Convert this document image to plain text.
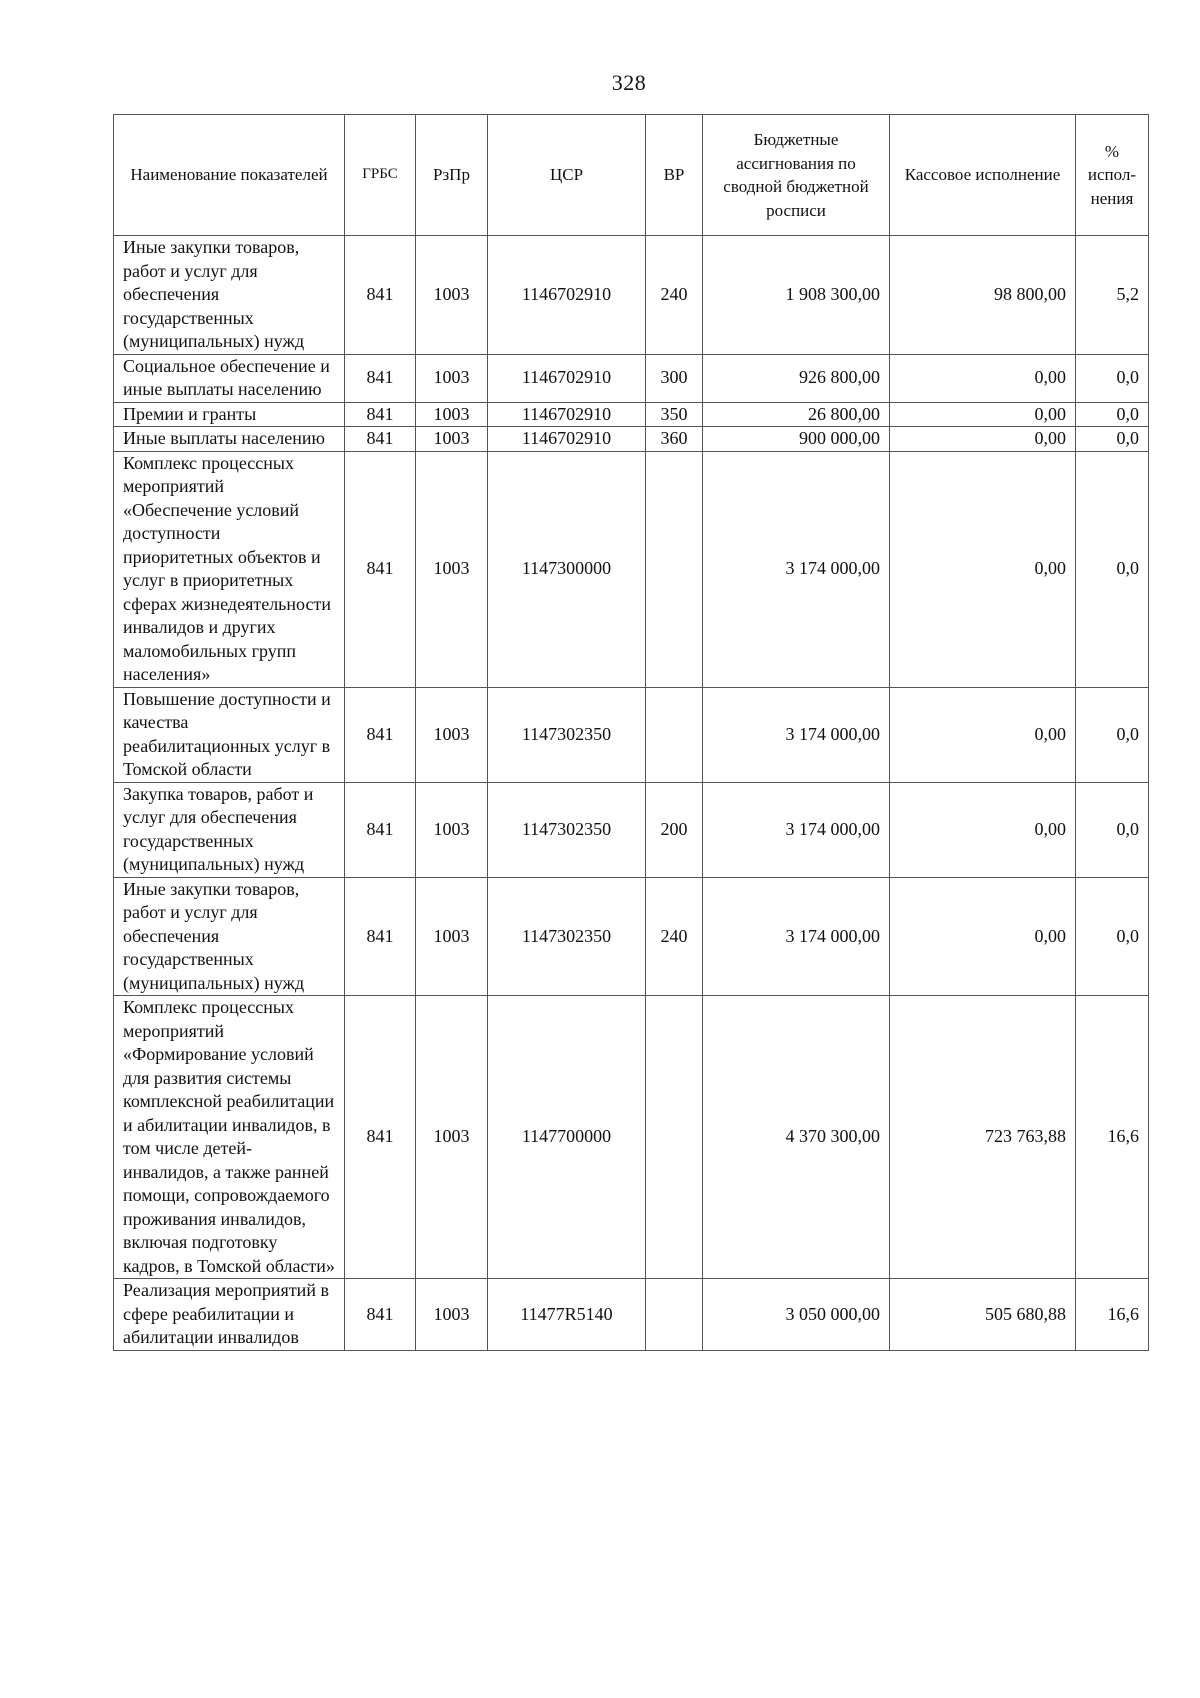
328
Наименование показателей	ГРБС	РзПр	ЦСР	ВР	Бюджетные ассигнования по сводной бюджетной росписи	Кассовое исполнение	% испол-нения
Иные закупки товаров, работ и услуг для обеспечения государственных (муниципальных) нужд	841	1003	1146702910	240	1 908 300,00	98 800,00	5,2
Социальное обеспечение и иные выплаты населению	841	1003	1146702910	300	926 800,00	0,00	0,0
Премии и гранты	841	1003	1146702910	350	26 800,00	0,00	0,0
Иные выплаты населению	841	1003	1146702910	360	900 000,00	0,00	0,0
Комплекс процессных мероприятий «Обеспечение условий доступности приоритетных объектов и услуг в приоритетных сферах жизнедеятельности инвалидов и других маломобильных групп населения»	841	1003	1147300000		3 174 000,00	0,00	0,0
Повышение доступности и качества реабилитационных услуг в Томской области	841	1003	1147302350		3 174 000,00	0,00	0,0
Закупка товаров, работ и услуг для обеспечения государственных (муниципальных) нужд	841	1003	1147302350	200	3 174 000,00	0,00	0,0
Иные закупки товаров, работ и услуг для обеспечения государственных (муниципальных) нужд	841	1003	1147302350	240	3 174 000,00	0,00	0,0
Комплекс процессных мероприятий «Формирование условий для развития системы комплексной реабилитации и абилитации инвалидов, в том числе детей-инвалидов, а также ранней помощи, сопровождаемого проживания инвалидов, включая подготовку кадров, в Томской области»	841	1003	1147700000		4 370 300,00	723 763,88	16,6
Реализация мероприятий в сфере реабилитации и абилитации инвалидов	841	1003	11477R5140		3 050 000,00	505 680,88	16,6
